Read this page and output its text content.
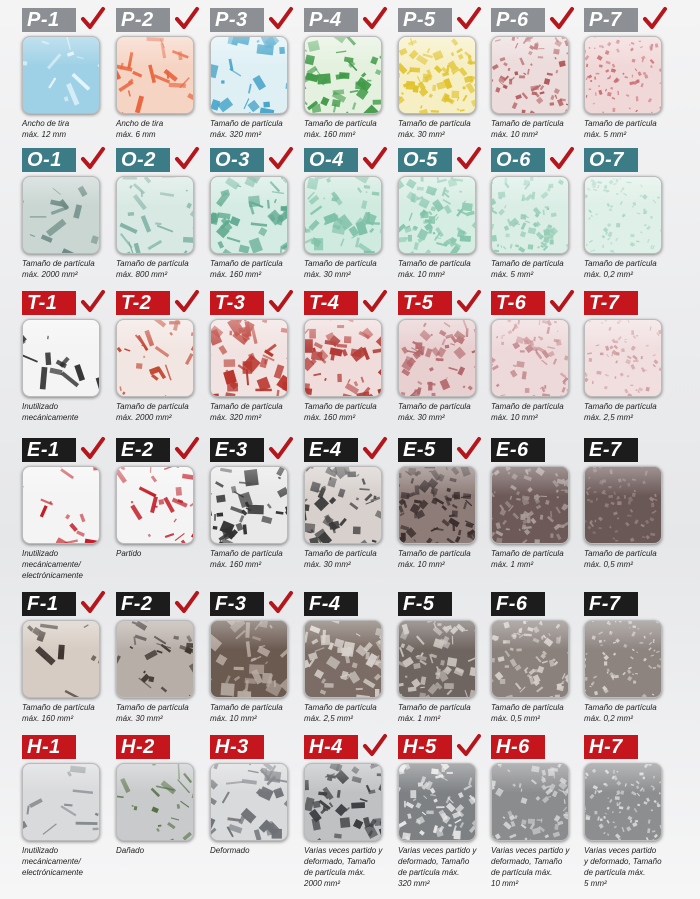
P-1
Ancho de tira
máx. 12 mm
P-2
Ancho de tira
máx. 6 mm
P-3
Tamaño de partícula
máx. 320 mm²
P-4
Tamaño de partícula
máx. 160 mm²
P-5
Tamaño de partícula
máx. 30 mm²
P-6
Tamaño de partícula
máx. 10 mm²
P-7
Tamaño de partícula
máx. 5 mm²
O-1
Tamaño de partícula
máx. 2000 mm²
O-2
Tamaño de partícula
máx. 800 mm²
O-3
Tamaño de partícula
máx. 160 mm²
O-4
Tamaño de partícula
máx. 30 mm²
O-5
Tamaño de partícula
máx. 10 mm²
O-6
Tamaño de partícula
máx. 5 mm²
O-7
Tamaño de partícula
máx. 0,2 mm²
T-1
Inutilizado
mecánicamente
T-2
Tamaño de partícula
máx. 2000 mm²
T-3
Tamaño de partícula
máx. 320 mm²
T-4
Tamaño de partícula
máx. 160 mm²
T-5
Tamaño de partícula
máx. 30 mm²
T-6
Tamaño de partícula
máx. 10 mm²
T-7
Tamaño de partícula
máx. 2,5 mm²
E-1
Inutilizado
mecánicamente/
electrónicamente
E-2
Partido
E-3
Tamaño de partícula
máx. 160 mm²
E-4
Tamaño de partícula
máx. 30 mm²
E-5
Tamaño de partícula
máx. 10 mm²
E-6
Tamaño de partícula
máx. 1 mm²
E-7
Tamaño de partícula
máx. 0,5 mm²
F-1
Tamaño de partícula
máx. 160 mm²
F-2
Tamaño de partícula
máx. 30 mm²
F-3
Tamaño de partícula
máx. 10 mm²
F-4
Tamaño de partícula
máx. 2,5 mm²
F-5
Tamaño de partícula
máx. 1 mm²
F-6
Tamaño de partícula
máx. 0,5 mm²
F-7
Tamaño de partícula
máx. 0,2 mm²
H-1
Inutilizado
mecánicamente/
electrónicamente
H-2
Dañado
H-3
Deformado
H-4
Varias veces partido y
deformado, Tamaño
de partícula máx.
2000 mm²
H-5
Varias veces partido y
deformado, Tamaño
de partícula máx.
320 mm²
H-6
Varias veces partido y
deformado, Tamaño
de partícula máx.
10 mm²
H-7
Varias veces partido
y deformado, Tamaño
de partícula máx.
5 mm²
